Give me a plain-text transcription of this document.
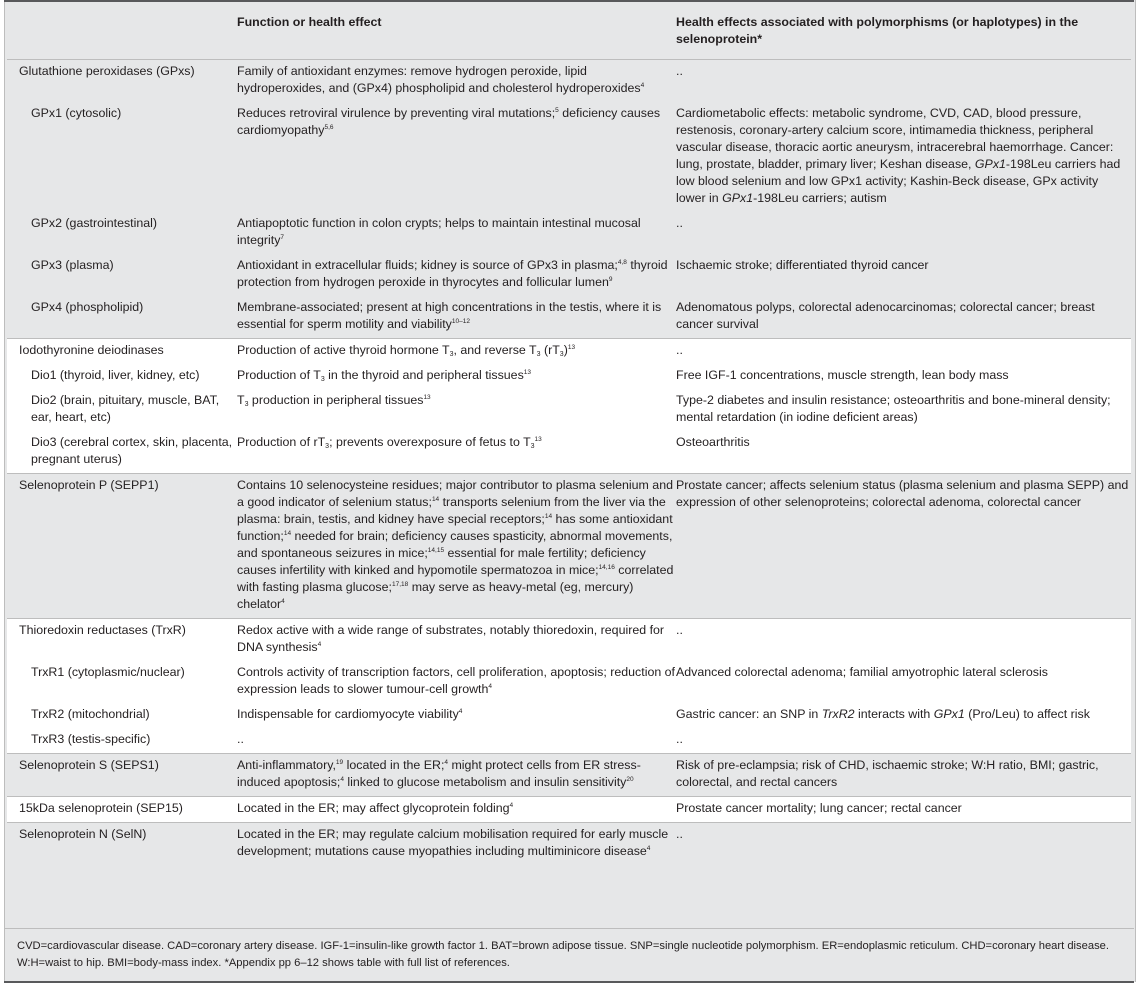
	Function or health effect	Health effects associated with polymorphisms (or haplotypes) in the selenoprotein*
Glutathione peroxidases (GPxs)	Family of antioxidant enzymes: remove hydrogen peroxide, lipid hydroperoxides, and (GPx4) phospholipid and cholesterol hydroperoxides$^4$	..
GPx1 (cytosolic)	Reduces retroviral virulence by preventing viral mutations;$^5$ deficiency causes cardiomyopathy$^{5,6}$	Cardiometabolic effects: metabolic syndrome, CVD, CAD, blood pressure, restenosis, coronary-artery calcium score, intimamedia thickness, peripheral vascular disease, thoracic aortic aneurysm, intracerebral haemorrhage. Cancer: lung, prostate, bladder, primary liver; Keshan disease, GPx1-198Leu carriers had low blood selenium and low GPx1 activity; Kashin-Beck disease, GPx activity lower in GPx1-198Leu carriers; autism
GPx2 (gastrointestinal)	Antiapoptotic function in colon crypts; helps to maintain intestinal mucosal integrity$^7$	..
GPx3 (plasma)	Antioxidant in extracellular fluids; kidney is source of GPx3 in plasma;$^{4,8}$ thyroid protection from hydrogen peroxide in thyrocytes and follicular lumen$^9$	Ischaemic stroke; differentiated thyroid cancer
GPx4 (phospholipid)	Membrane-associated; present at high concentrations in the testis, where it is essential for sperm motility and viability$^{10-12}$	Adenomatous polyps, colorectal adenocarcinomas; colorectal cancer; breast cancer survival
Iodothyronine deiodinases	Production of active thyroid hormone $T_3$, and reverse $T_3$ $(rT_3)^{13}$	..
Dio1 (thyroid, liver, kidney, etc)	Production of $T_3$ in the thyroid and peripheral tissues$^{13}$	Free IGF-1 concentrations, muscle strength, lean body mass
Dio2 (brain, pituitary, muscle, BAT, ear, heart, etc)	$T_3$ production in peripheral tissues$^{13}$	Type-2 diabetes and insulin resistance; osteoarthritis and bone-mineral density; mental retardation (in iodine deficient areas)
Dio3 (cerebral cortex, skin, placenta, pregnant uterus)	Production of $rT_3$; prevents overexposure of fetus to $T_3^{13}$	Osteoarthritis
Selenoprotein P (SEPP1)	Contains 10 selenocysteine residues; major contributor to plasma selenium and a good indicator of selenium status;$^{14}$ transports selenium from the liver via the plasma: brain, testis, and kidney have special receptors;$^{14}$ has some antioxidant function;$^{14}$ needed for brain; deficiency causes spasticity, abnormal movements, and spontaneous seizures in mice;$^{14,15}$ essential for male fertility; deficiency causes infertility with kinked and hypomotile spermatozoa in mice;$^{14,16}$ correlated with fasting plasma glucose;$^{17,18}$ may serve as heavy-metal (eg, mercury) chelator$^4$	Prostate cancer; affects selenium status (plasma selenium and plasma SEPP) and expression of other selenoproteins; colorectal adenoma, colorectal cancer
Thioredoxin reductases (TrxR)	Redox active with a wide range of substrates, notably thioredoxin, required for DNA synthesis$^4$	..
TrxR1 (cytoplasmic/nuclear)	Controls activity of transcription factors, cell proliferation, apoptosis; reduction of expression leads to slower tumour-cell growth$^4$	Advanced colorectal adenoma; familial amyotrophic lateral sclerosis
TrxR2 (mitochondrial)	Indispensable for cardiomyocyte viability$^4$	Gastric cancer: an SNP in TrxR2 interacts with GPx1 (Pro/Leu) to affect risk
TrxR3 (testis-specific)	..	..
Selenoprotein S (SEPS1)	Anti-inflammatory,$^{19}$ located in the ER;$^4$ might protect cells from ER stress-induced apoptosis;$^4$ linked to glucose metabolism and insulin sensitivity$^{20}$	Risk of pre-eclampsia; risk of CHD, ischaemic stroke; W:H ratio, BMI; gastric, colorectal, and rectal cancers
15kDa selenoprotein (SEP15)	Located in the ER; may affect glycoprotein folding$^4$	Prostate cancer mortality; lung cancer; rectal cancer
Selenoprotein N (SelN)	Located in the ER; may regulate calcium mobilisation required for early muscle development; mutations cause myopathies including multiminicore disease$^4$	..
CVD=cardiovascular disease. CAD=coronary artery disease. IGF-1=insulin-like growth factor 1. BAT=brown adipose tissue. SNP=single nucleotide polymorphism. ER=endoplasmic reticulum. CHD=coronary heart disease. W:H=waist to hip. BMI=body-mass index. *Appendix pp 6–12 shows table with full list of references.
